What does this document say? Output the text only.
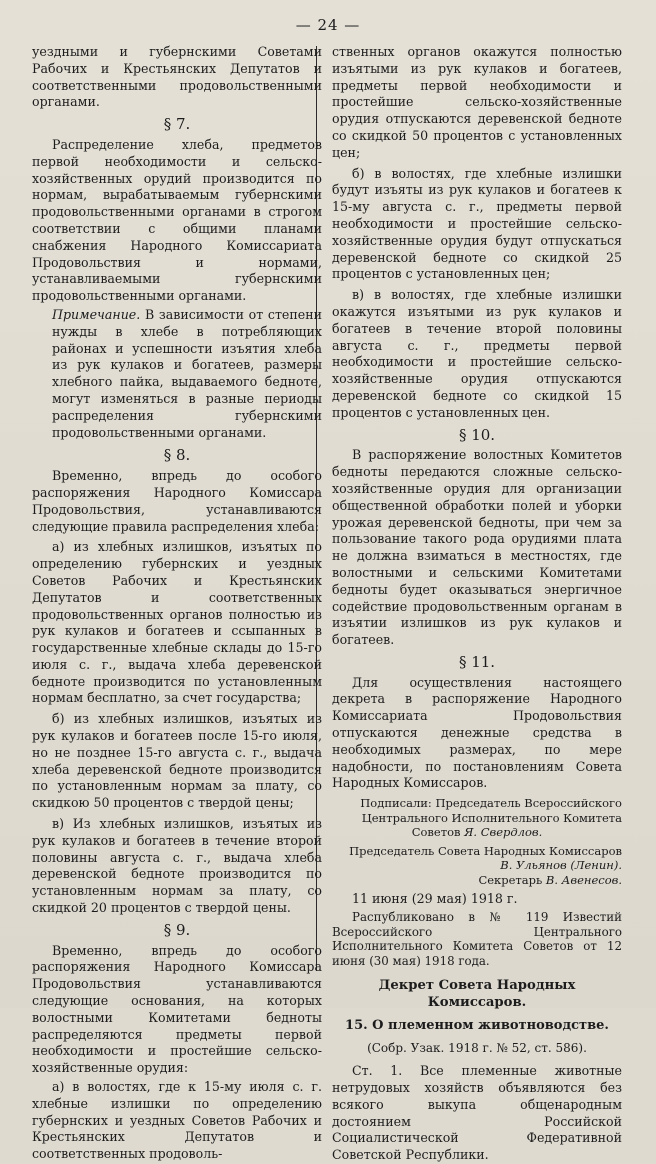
— 24 —

уездными и губернскими Советами Рабочих и Крестьянских Депутатов и соответственными продовольственными органами.

§ 7.

Распределение хлеба, предметов первой необходимости и сельско-хозяйственных орудий производится по нормам, вырабатываемым губернскими продовольственными органами в строгом соответствии с общими планами снабжения Народного Комиссариата Продовольствия и нормами, устанавливаемыми губернскими продовольственными органами.

Примечание. В зависимости от степени нужды в хлебе в потребляющих районах и успешности изъятия хлеба из рук кулаков и богатеев, размеры хлебного пайка, выдаваемого бедноте, могут изменяться в разные периоды распределения губернскими продовольственными органами.

§ 8.

Временно, впредь до особого распоряжения Народного Комиссара Продовольствия, устанавливаются следующие правила распределения хлеба:

а) из хлебных излишков, изъятых по определению губернских и уездных Советов Рабочих и Крестьянских Депутатов и соответственных продовольственных органов полностью из рук кулаков и богатеев и ссыпанных в государственные хлебные склады до 15-го июля с. г., выдача хлеба деревенской бедноте производится по установленным нормам бесплатно, за счет государства;

б) из хлебных излишков, изъятых из рук кулаков и богатеев после 15-го июля, но не позднее 15-го августа с. г., выдача хлеба деревенской бедноте производится по установленным нормам за плату, со скидкою 50 процентов с твердой цены;

в) Из хлебных излишков, изъятых из рук кулаков и богатеев в течение второй половины августа с. г., выдача хлеба деревенской бедноте производится по установленным нормам за плату, со скидкой 20 процентов с твердой цены.

§ 9.

Временно, впредь до особого распоряжения Народного Комиссара Продовольствия устанавливаются следующие основания, на которых волостными Комитетами бедноты распределяются предметы первой необходимости и простейшие сельско-хозяйственные орудия:

а) в волостях, где к 15-му июля с. г. хлебные излишки по определению губернских и уездных Советов Рабочих и Крестьянских Депутатов и соответственных продоволь-

ственных органов окажутся полностью изъятыми из рук кулаков и богатеев, предметы первой необходимости и простейшие сельско-хозяйственные орудия отпускаются деревенской бедноте со скидкой 50 процентов с установленных цен;

б) в волостях, где хлебные излишки будут изъяты из рук кулаков и богатеев к 15-му августа с. г., предметы первой необходимости и простейшие сельско-хозяйственные орудия будут отпускаться деревенской бедноте со скидкой 25 процентов с установленных цен;

в) в волостях, где хлебные излишки окажутся изъятыми из рук кулаков и богатеев в течение второй половины августа с. г., предметы первой необходимости и простейшие сельско-хозяйственные орудия отпускаются деревенской бедноте со скидкой 15 процентов с установленных цен.

§ 10.

В распоряжение волостных Комитетов бедноты передаются сложные сельско-хозяйственные орудия для организации общественной обработки полей и уборки урожая деревенской бедноты, при чем за пользование такого рода орудиями плата не должна взиматься в местностях, где волостными и сельскими Комитетами бедноты будет оказываться энергичное содействие продовольственным органам в изъятии излишков из рук кулаков и богатеев.

§ 11.

Для осуществления настоящего декрета в распоряжение Народного Комиссариата Продовольствия отпускаются денежные средства в необходимых размерах, по мере надобности, по постановлениям Совета Народных Комиссаров.

Подписали: Председатель Всероссийского
Центрального Исполнительного Комитета
Советов Я. Свердлов.
Председатель Совета Народных Комиссаров
В. Ульянов (Ленин).
Секретарь В. Авенесов.

11 июня (29 мая) 1918 г.

Распубликовано в № 119 Известий Всероссийского Центрального Исполнительного Комитета Советов от 12 июня (30 мая) 1918 года.

Декрет Совета Народных Комиссаров.
15. О племенном животноводстве.
(Собр. Узак. 1918 г. № 52, ст. 586).

Ст. 1. Все племенные животные нетрудовых хозяйств объявляются без всякого выкупа общенародным достоянием Российской Социалистической Федеративной Советской Республики.
